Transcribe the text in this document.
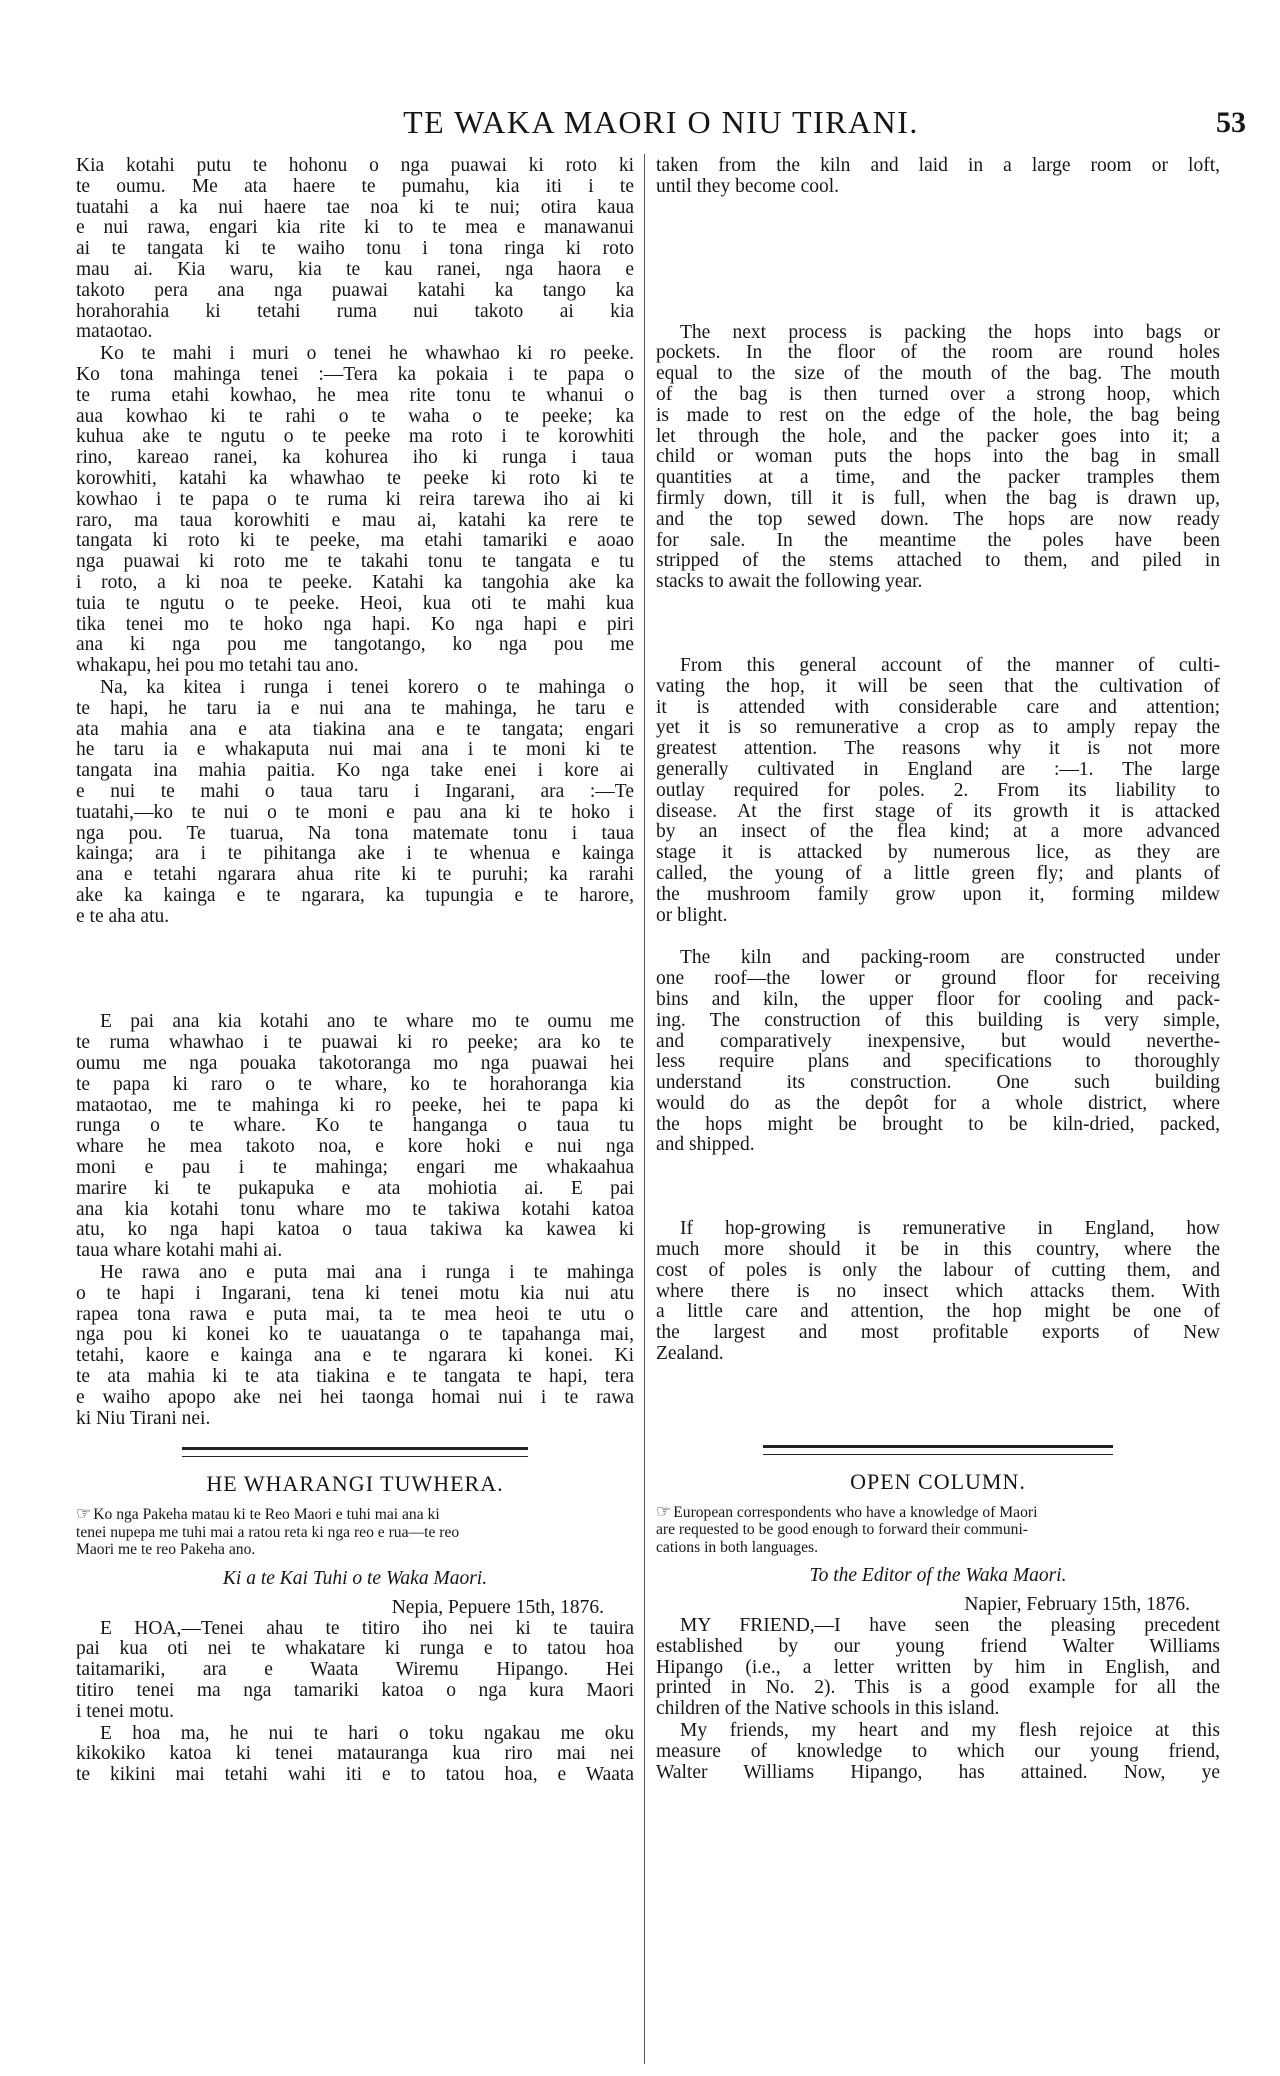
TE WAKA MAORI O NIU TIRANI.	53
Kia kotahi putu te hohonu o nga puawai ki roto ki
te oumu. Me ata haere te pumahu, kia iti i te
tuatahi a ka nui haere tae noa ki te nui; otira kaua
e nui rawa, engari kia rite ki to te mea e manawanui
ai te tangata ki te waiho tonu i tona ringa ki roto
mau ai. Kia waru, kia te kau ranei, nga haora e
takoto pera ana nga puawai katahi ka tango ka
horahorahia ki tetahi ruma nui takoto ai kia
mataotao.
Ko te mahi i muri o tenei he whawhao ki ro peeke.
Ko tona mahinga tenei :—Tera ka pokaia i te papa o
te ruma etahi kowhao, he mea rite tonu te whanui o
aua kowhao ki te rahi o te waha o te peeke; ka
kuhua ake te ngutu o te peeke ma roto i te korowhiti
rino, kareao ranei, ka kohurea iho ki runga i taua
korowhiti, katahi ka whawhao te peeke ki roto ki te
kowhao i te papa o te ruma ki reira tarewa iho ai ki
raro, ma taua korowhiti e mau ai, katahi ka rere te
tangata ki roto ki te peeke, ma etahi tamariki e aoao
nga puawai ki roto me te takahi tonu te tangata e tu
i roto, a ki noa te peeke. Katahi ka tangohia ake ka
tuia te ngutu o te peeke. Heoi, kua oti te mahi kua
tika tenei mo te hoko nga hapi. Ko nga hapi e piri
ana ki nga pou me tangotango, ko nga pou me
whakapu, hei pou mo tetahi tau ano.
Na, ka kitea i runga i tenei korero o te mahinga o
te hapi, he taru ia e nui ana te mahinga, he taru e
ata mahia ana e ata tiakina ana e te tangata; engari
he taru ia e whakaputa nui mai ana i te moni ki te
tangata ina mahia paitia. Ko nga take enei i kore ai
e nui te mahi o taua taru i Ingarani, ara :—Te
tuatahi,—ko te nui o te moni e pau ana ki te hoko i
nga pou. Te tuarua, Na tona matemate tonu i taua
kainga; ara i te pihitanga ake i te whenua e kainga
ana e tetahi ngarara ahua rite ki te puruhi; ka rarahi
ake ka kainga e te ngarara, ka tupungia e te harore,
e te aha atu.
E pai ana kia kotahi ano te whare mo te oumu me
te ruma whawhao i te puawai ki ro peeke; ara ko te
oumu me nga pouaka takotoranga mo nga puawai hei
te papa ki raro o te whare, ko te horahoranga kia
mataotao, me te mahinga ki ro peeke, hei te papa ki
runga o te whare. Ko te hanganga o taua tu
whare he mea takoto noa, e kore hoki e nui nga
moni e pau i te mahinga; engari me whakaahua
marire ki te pukapuka e ata mohiotia ai. E pai
ana kia kotahi tonu whare mo te takiwa kotahi katoa
atu, ko nga hapi katoa o taua takiwa ka kawea ki
taua whare kotahi mahi ai.
He rawa ano e puta mai ana i runga i te mahinga
o te hapi i Ingarani, tena ki tenei motu kia nui atu
rapea tona rawa e puta mai, ta te mea heoi te utu o
nga pou ki konei ko te uauatanga o te tapahanga mai,
tetahi, kaore e kainga ana e te ngarara ki konei. Ki
te ata mahia ki te ata tiakina e te tangata te hapi, tera
e waiho apopo ake nei hei taonga homai nui i te rawa
ki Niu Tirani nei.
HE WHARANGI TUWHERA.
☜ Ko nga Pakeha matau ki te Reo Maori e tuhi mai ana ki
tenei nupepa me tuhi mai a ratou reta ki nga reo e rua—te reo
Maori me te reo Pakeha ano.
Ki a te Kai Tuhi o te Waka Maori.
Nepia, Pepuere 15th, 1876.
E HOA,—Tenei ahau te titiro iho nei ki te tauira
pai kua oti nei te whakatare ki runga e to tatou hoa
taitamariki, ara e Waata Wiremu Hipango. Hei
titiro tenei ma nga tamariki katoa o nga kura Maori
i tenei motu.
E hoa ma, he nui te hari o toku ngakau me oku
kikokiko katoa ki tenei matauranga kua riro mai nei
te kikini mai tetahi wahi iti e to tatou hoa, e Waata
taken from the kiln and laid in a large room or loft,
until they become cool.
The next process is packing the hops into bags or
pockets. In the floor of the room are round holes
equal to the size of the mouth of the bag. The mouth
of the bag is then turned over a strong hoop, which
is made to rest on the edge of the hole, the bag being
let through the hole, and the packer goes into it; a
child or woman puts the hops into the bag in small
quantities at a time, and the packer tramples them
firmly down, till it is full, when the bag is drawn up,
and the top sewed down. The hops are now ready
for sale. In the meantime the poles have been
stripped of the stems attached to them, and piled in
stacks to await the following year.
From this general account of the manner of culti-
vating the hop, it will be seen that the cultivation of
it is attended with considerable care and attention;
yet it is so remunerative a crop as to amply repay the
greatest attention. The reasons why it is not more
generally cultivated in England are :—1. The large
outlay required for poles. 2. From its liability to
disease. At the first stage of its growth it is attacked
by an insect of the flea kind; at a more advanced
stage it is attacked by numerous lice, as they are
called, the young of a little green fly; and plants of
the mushroom family grow upon it, forming mildew
or blight.
The kiln and packing-room are constructed under
one roof—the lower or ground floor for receiving
bins and kiln, the upper floor for cooling and pack-
ing. The construction of this building is very simple,
and comparatively inexpensive, but would neverthe-
less require plans and specifications to thoroughly
understand its construction. One such building
would do as the depôt for a whole district, where
the hops might be brought to be kiln-dried, packed,
and shipped.
If hop-growing is remunerative in England, how
much more should it be in this country, where the
cost of poles is only the labour of cutting them, and
where there is no insect which attacks them. With
a little care and attention, the hop might be one of
the largest and most profitable exports of New
Zealand.
OPEN COLUMN.
☜ European correspondents who have a knowledge of Maori
are requested to be good enough to forward their communi-
cations in both languages.
To the Editor of the Waka Maori.
Napier, February 15th, 1876.
MY FRIEND,—I have seen the pleasing precedent
established by our young friend Walter Williams
Hipango (i.e., a letter written by him in English, and
printed in No. 2). This is a good example for all the
children of the Native schools in this island.
My friends, my heart and my flesh rejoice at this
measure of knowledge to which our young friend,
Walter Williams Hipango, has attained. Now, ye
